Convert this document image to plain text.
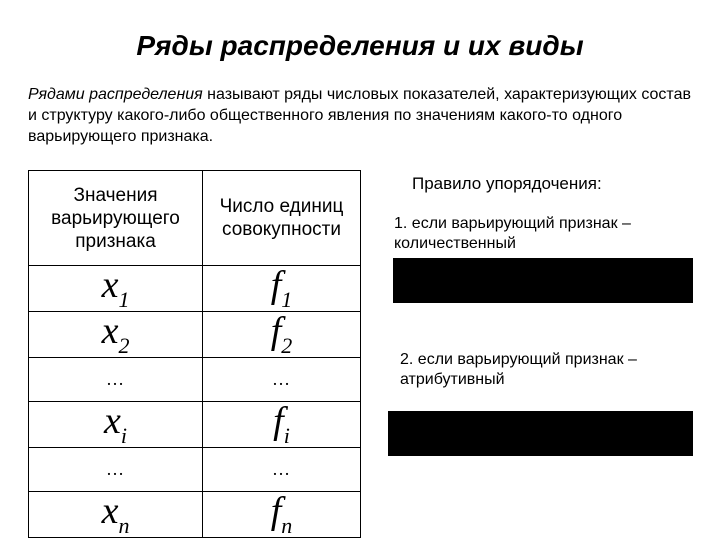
Ряды распределения и их виды
Рядами распределения называют ряды числовых показателей, характеризующих состав и структуру какого-либо общественного явления по значениям какого-то одного варьирующего признака.
Значения варьирующего признака	Число единиц совокупности
$x_1$	$f_1$
$x_2$	$f_2$
…	…
$x_i$	$f_i$
…	…
$x_n$	$f_n$
Правило упорядочения:
1. если варьирующий признак – количественный
2. если варьирующий признак – атрибутивный
